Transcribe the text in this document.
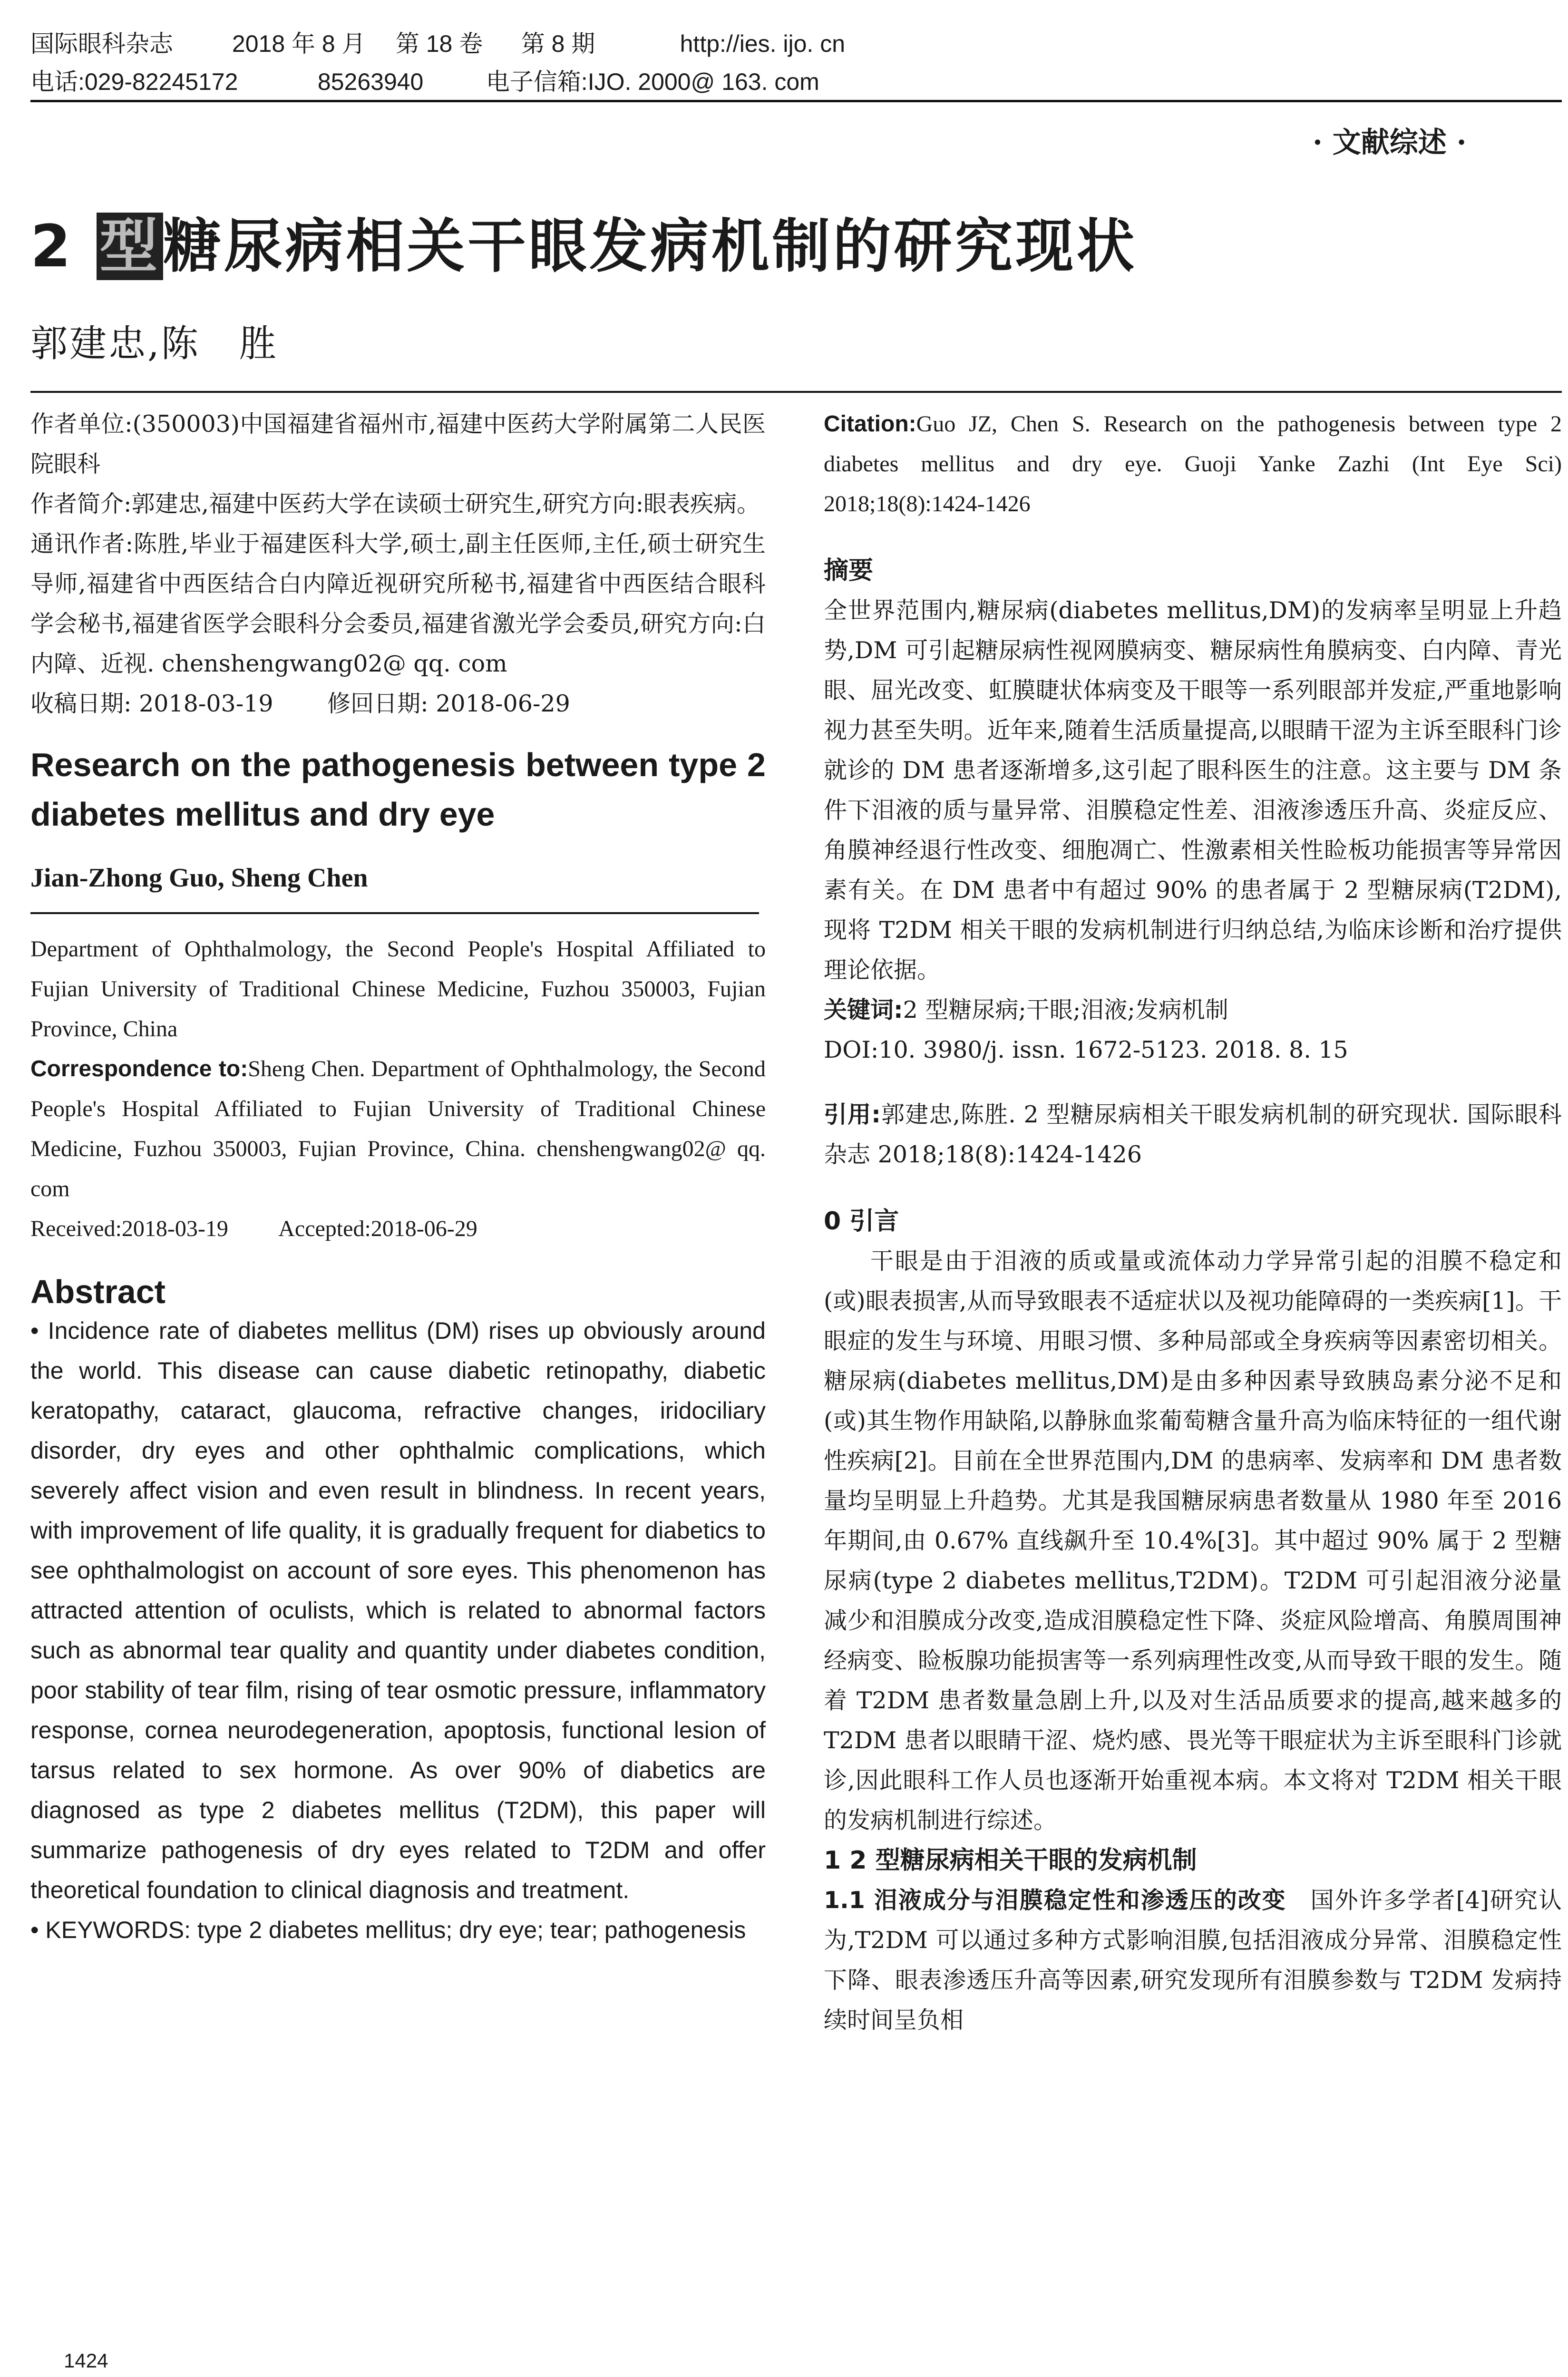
国际眼科杂志 2018 年 8 月 第 18 卷 第 8 期	http://ies. ijo. cn
电话:029-82245172	85263940	电子信箱:IJO. 2000@ 163. com
· 文献综述 ·
2 型糖尿病相关干眼发病机制的研究现状
郭建忠,陈　胜

作者单位:(350003)中国福建省福州市,福建中医药大学附属第二人民医院眼科

作者简介:郭建忠,福建中医药大学在读硕士研究生,研究方向:眼表疾病。

通讯作者:陈胜,毕业于福建医科大学,硕士,副主任医师,主任,硕士研究生导师,福建省中西医结合白内障近视研究所秘书,福建省中西医结合眼科学会秘书,福建省医学会眼科分会委员,福建省激光学会委员,研究方向:白内障、近视. chenshengwang02@ qq. com

收稿日期: 2018-03-19　　 修回日期: 2018-06-29

Research on the pathogenesis between type 2 diabetes mellitus and dry eye
Jian-Zhong Guo, Sheng Chen

Department of Ophthalmology, the Second People's Hospital Affiliated to Fujian University of Traditional Chinese Medicine, Fuzhou 350003, Fujian Province, China

Correspondence to:Sheng Chen. Department of Ophthalmology, the Second People's Hospital Affiliated to Fujian University of Traditional Chinese Medicine, Fuzhou 350003, Fujian Province, China. chenshengwang02@ qq. com

Received:2018-03-19　　 Accepted:2018-06-29

Abstract

• Incidence rate of diabetes mellitus (DM) rises up obviously around the world. This disease can cause diabetic retinopathy, diabetic keratopathy, cataract, glaucoma, refractive changes, iridociliary disorder, dry eyes and other ophthalmic complications, which severely affect vision and even result in blindness. In recent years, with improvement of life quality, it is gradually frequent for diabetics to see ophthalmologist on account of sore eyes. This phenomenon has attracted attention of oculists, which is related to abnormal factors such as abnormal tear quality and quantity under diabetes condition, poor stability of tear film, rising of tear osmotic pressure, inflammatory response, cornea neurodegeneration, apoptosis, functional lesion of tarsus related to sex hormone. As over 90% of diabetics are diagnosed as type 2 diabetes mellitus (T2DM), this paper will summarize pathogenesis of dry eyes related to T2DM and offer theoretical foundation to clinical diagnosis and treatment.

• KEYWORDS: type 2 diabetes mellitus; dry eye; tear; pathogenesis

1424
Citation:Guo JZ, Chen S. Research on the pathogenesis between type 2 diabetes mellitus and dry eye. Guoji Yanke Zazhi (Int Eye Sci) 2018;18(8):1424-1426
摘要
全世界范围内,糖尿病(diabetes mellitus,DM)的发病率呈明显上升趋势,DM 可引起糖尿病性视网膜病变、糖尿病性角膜病变、白内障、青光眼、屈光改变、虹膜睫状体病变及干眼等一系列眼部并发症,严重地影响视力甚至失明。近年来,随着生活质量提高,以眼睛干涩为主诉至眼科门诊就诊的 DM 患者逐渐增多,这引起了眼科医生的注意。这主要与 DM 条件下泪液的质与量异常、泪膜稳定性差、泪液渗透压升高、炎症反应、角膜神经退行性改变、细胞凋亡、性激素相关性睑板功能损害等异常因素有关。在 DM 患者中有超过 90% 的患者属于 2 型糖尿病(T2DM),现将 T2DM 相关干眼的发病机制进行归纳总结,为临床诊断和治疗提供理论依据。
关键词:2 型糖尿病;干眼;泪液;发病机制
DOI:10. 3980/j. issn. 1672-5123. 2018. 8. 15
引用:郭建忠,陈胜. 2 型糖尿病相关干眼发病机制的研究现状. 国际眼科杂志 2018;18(8):1424-1426
0 引言
干眼是由于泪液的质或量或流体动力学异常引起的泪膜不稳定和(或)眼表损害,从而导致眼表不适症状以及视功能障碍的一类疾病[1]。干眼症的发生与环境、用眼习惯、多种局部或全身疾病等因素密切相关。糖尿病(diabetes mellitus,DM)是由多种因素导致胰岛素分泌不足和(或)其生物作用缺陷,以静脉血浆葡萄糖含量升高为临床特征的一组代谢性疾病[2]。目前在全世界范围内,DM 的患病率、发病率和 DM 患者数量均呈明显上升趋势。尤其是我国糖尿病患者数量从 1980 年至 2016 年期间,由 0.67% 直线飙升至 10.4%[3]。其中超过 90% 属于 2 型糖尿病(type 2 diabetes mellitus,T2DM)。T2DM 可引起泪液分泌量减少和泪膜成分改变,造成泪膜稳定性下降、炎症风险增高、角膜周围神经病变、睑板腺功能损害等一系列病理性改变,从而导致干眼的发生。随着 T2DM 患者数量急剧上升,以及对生活品质要求的提高,越来越多的 T2DM 患者以眼睛干涩、烧灼感、畏光等干眼症状为主诉至眼科门诊就诊,因此眼科工作人员也逐渐开始重视本病。本文将对 T2DM 相关干眼的发病机制进行综述。
1 2 型糖尿病相关干眼的发病机制
1.1 泪液成分与泪膜稳定性和渗透压的改变　 国外许多学者[4]研究认为,T2DM 可以通过多种方式影响泪膜,包括泪液成分异常、泪膜稳定性下降、眼表渗透压升高等因素,研究发现所有泪膜参数与 T2DM 发病持续时间呈负相
